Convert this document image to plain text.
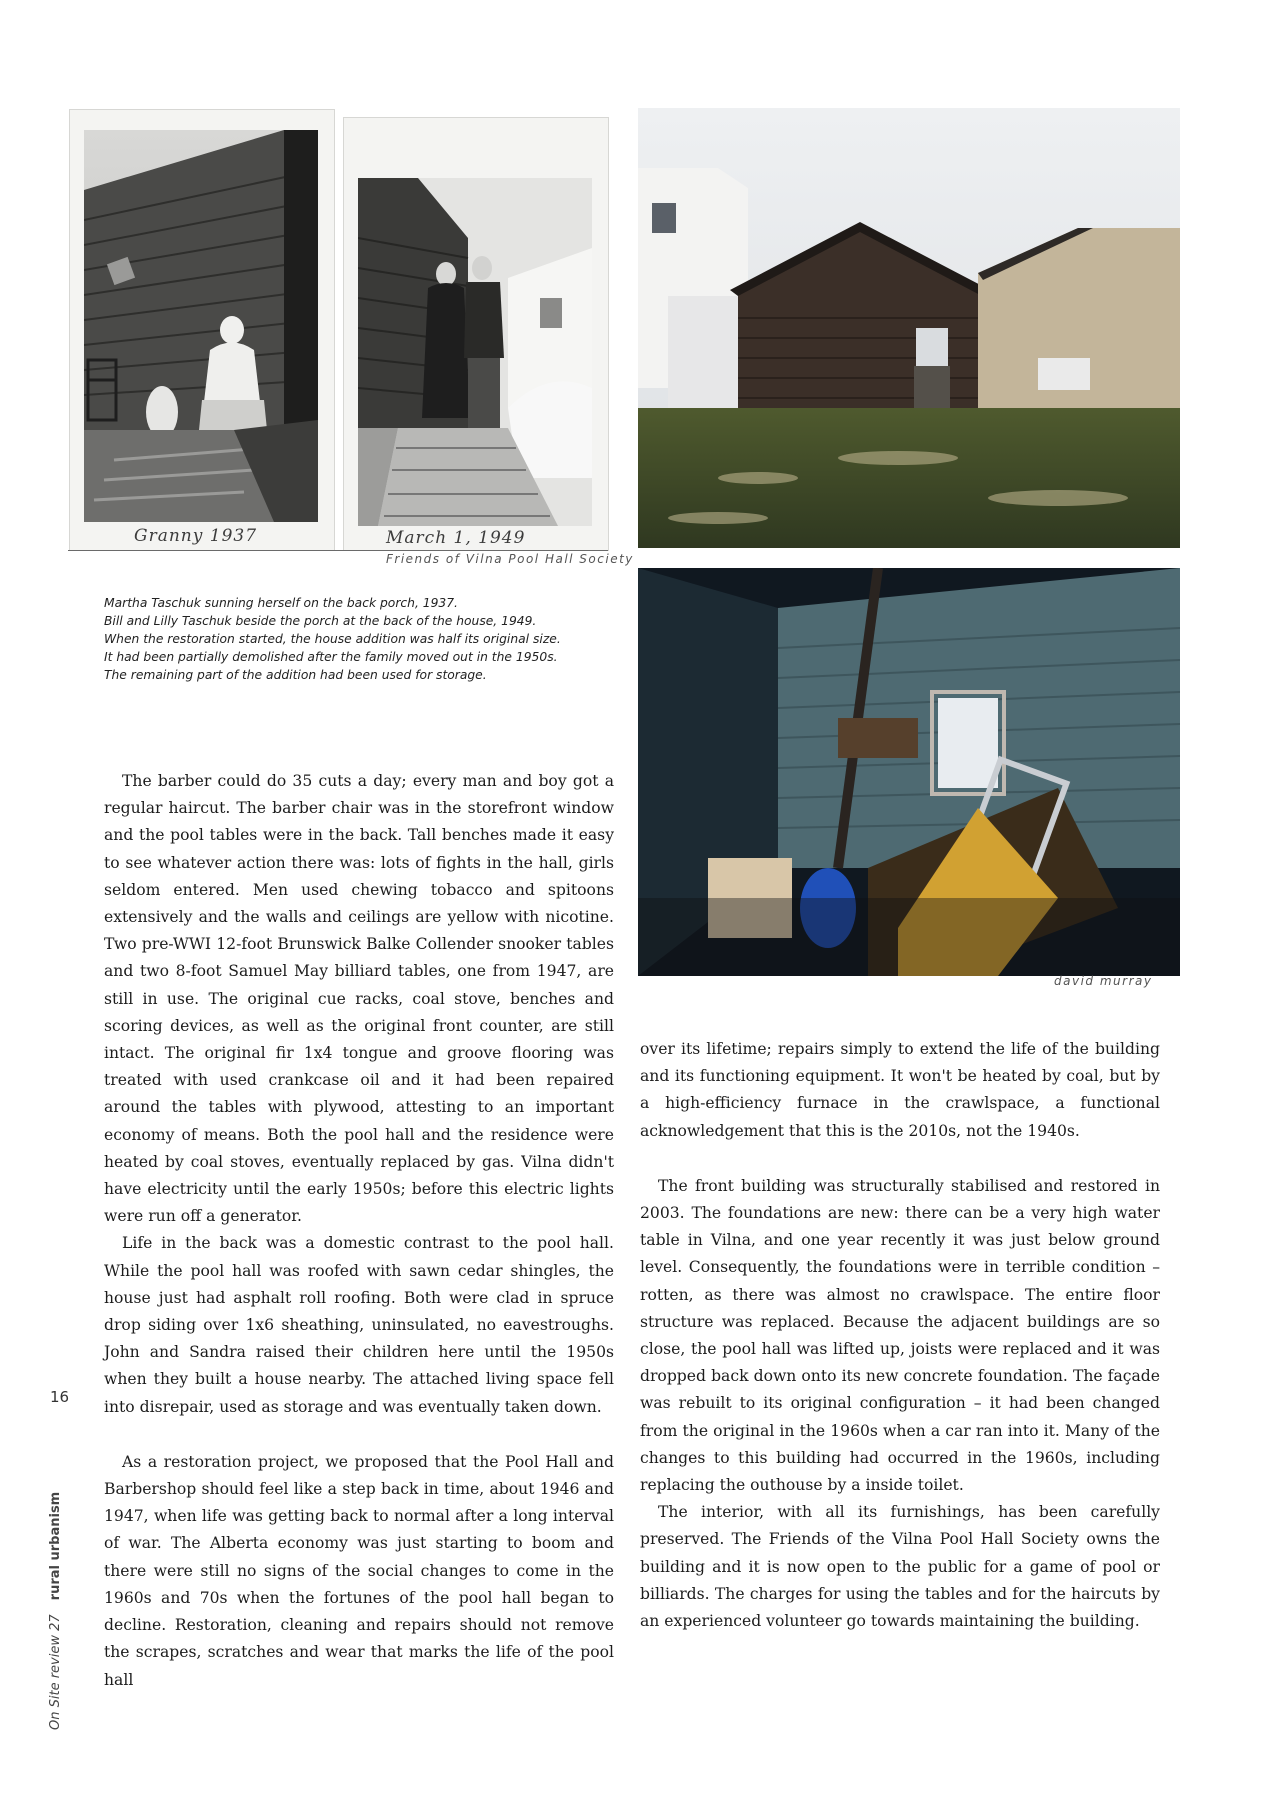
Granny 1937	March 1, 1949
Friends of Vilna Pool Hall Society
david murray
Martha Taschuk sunning herself on the back porch, 1937.
Bill and Lilly Taschuk beside the porch at the back of the house, 1949.
When the restoration started, the house addition was half its original size.
It had been partially demolished after the family moved out in the 1950s.
The remaining part of the addition had been used for storage.

The barber could do 35 cuts a day; every man and boy got a regular haircut. The barber chair was in the storefront window and the pool tables were in the back. Tall benches made it easy to see whatever action there was: lots of fights in the hall, girls seldom entered. Men used chewing tobacco and spitoons extensively and the walls and ceilings are yellow with nicotine. Two pre-WWI 12-foot Brunswick Balke Collender snooker tables and two 8-foot Samuel May billiard tables, one from 1947, are still in use. The original cue racks, coal stove, benches and scoring devices, as well as the original front counter, are still intact. The original fir 1x4 tongue and groove flooring was treated with used crankcase oil and it had been repaired around the tables with plywood, attesting to an important economy of means. Both the pool hall and the residence were heated by coal stoves, eventually replaced by gas. Vilna didn't have electricity until the early 1950s; before this electric lights were run off a generator.

Life in the back was a domestic contrast to the pool hall. While the pool hall was roofed with sawn cedar shingles, the house just had asphalt roll roofing. Both were clad in spruce drop siding over 1x6 sheathing, uninsulated, no eavestroughs. John and Sandra raised their children here until the 1950s when they built a house nearby. The attached living space fell into disrepair, used as storage and was eventually taken down.

As a restoration project, we proposed that the Pool Hall and Barbershop should feel like a step back in time, about 1946 and 1947, when life was getting back to normal after a long interval of war. The Alberta economy was just starting to boom and there were still no signs of the social changes to come in the 1960s and 70s when the fortunes of the pool hall began to decline. Restoration, cleaning and repairs should not remove the scrapes, scratches and wear that marks the life of the pool hall

over its lifetime; repairs simply to extend the life of the building and its functioning equipment. It won't be heated by coal, but by a high-efficiency furnace in the crawlspace, a functional acknowledgement that this is the 2010s, not the 1940s.

The front building was structurally stabilised and restored in 2003. The foundations are new: there can be a very high water table in Vilna, and one year recently it was just below ground level. Consequently, the foundations were in terrible condition – rotten, as there was almost no crawlspace. The entire floor structure was replaced. Because the adjacent buildings are so close, the pool hall was lifted up, joists were replaced and it was dropped back down onto its new concrete foundation. The façade was rebuilt to its original configuration – it had been changed from the original in the 1960s when a car ran into it. Many of the changes to this building had occurred in the 1960s, including replacing the outhouse by a inside toilet.

The interior, with all its furnishings, has been carefully preserved. The Friends of the Vilna Pool Hall Society owns the building and it is now open to the public for a game of pool or billiards. The charges for using the tables and for the haircuts by an experienced volunteer go towards maintaining the building.

16
On Site review 27rural urbanism
